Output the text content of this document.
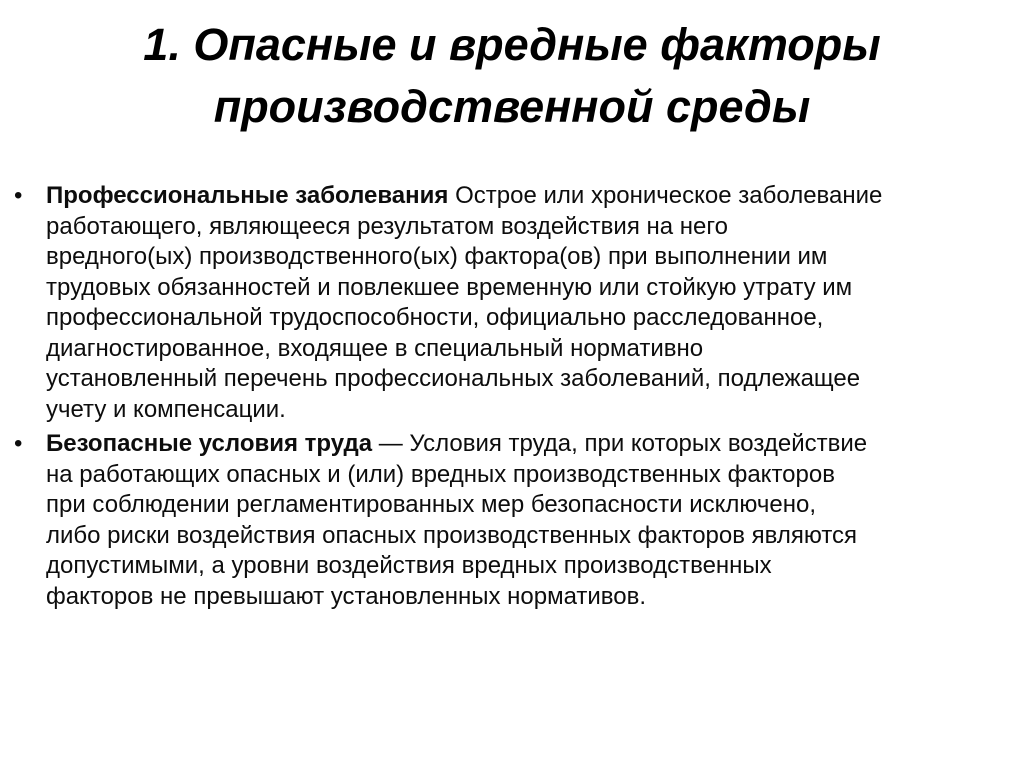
1. Опасные и вредные факторы
производственной среды
• Профессиональные заболевания Острое или хроническое заболевание
работающего, являющееся результатом воздействия на него
вредного(ых) производственного(ых) фактора(ов) при выполнении им
трудовых обязанностей и повлекшее временную или стойкую утрату им
профессиональной трудоспособности, официально расследованное,
диагностированное, входящее в специальный нормативно
установленный перечень профессиональных заболеваний, подлежащее
учету и компенсации.
• Безопасные условия труда — Условия труда, при которых воздействие
на работающих опасных и (или) вредных производственных факторов
при соблюдении регламентированных мер безопасности исключено,
либо риски воздействия опасных производственных факторов являются
допустимыми, а уровни воздействия вредных производственных
факторов не превышают установленных нормативов.
